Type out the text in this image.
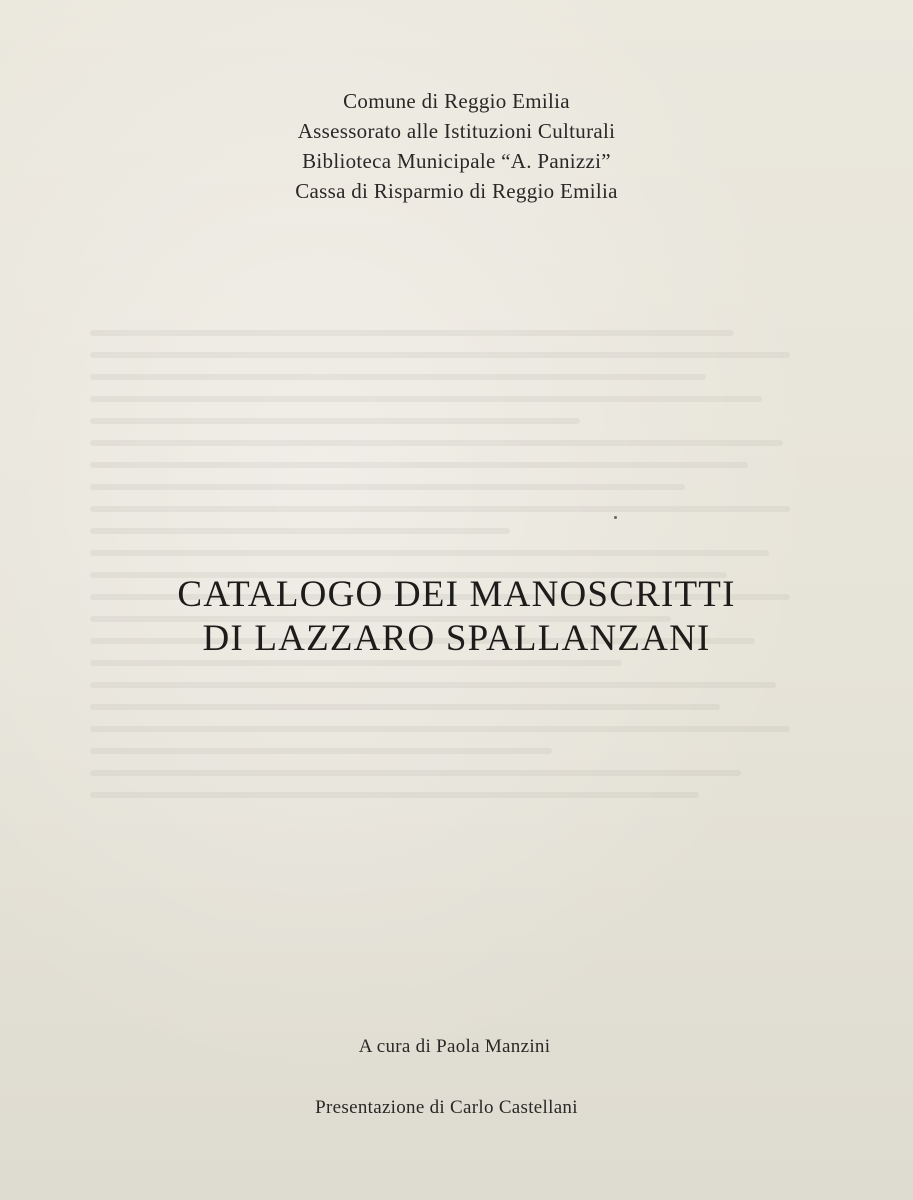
Comune di Reggio Emilia
Assessorato alle Istituzioni Culturali
Biblioteca Municipale “A. Panizzi”
Cassa di Risparmio di Reggio Emilia
CATALOGO DEI MANOSCRITTI
DI LAZZARO SPALLANZANI
A cura di Paola Manzini
Presentazione di Carlo Castellani
